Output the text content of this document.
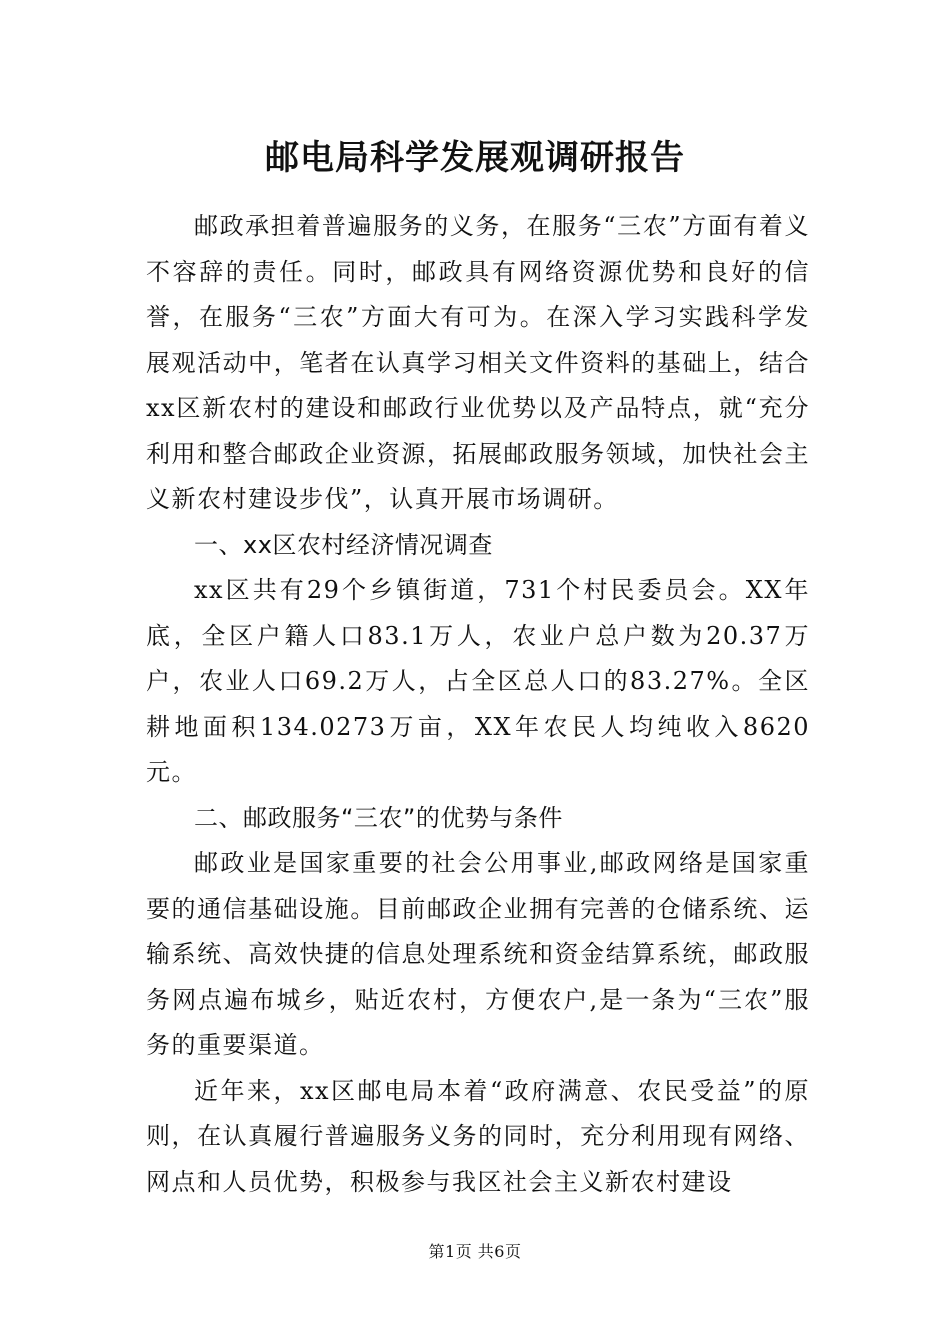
邮电局科学发展观调研报告

邮政承担着普遍服务的义务，在服务“三农”方面有着义不容辞的责任。同时，邮政具有网络资源优势和良好的信誉，在服务“三农”方面大有可为。在深入学习实践科学发展观活动中，笔者在认真学习相关文件资料的基础上，结合xx区新农村的建设和邮政行业优势以及产品特点，就“充分利用和整合邮政企业资源，拓展邮政服务领域，加快社会主义新农村建设步伐”，认真开展市场调研。

一、xx区农村经济情况调查

xx区共有29个乡镇街道，731个村民委员会。XX年底，全区户籍人口83.1万人，农业户总户数为20.37万户，农业人口69.2万人，占全区总人口的83.27%。全区耕地面积134.0273万亩，XX年农民人均纯收入8620元。

二、邮政服务“三农”的优势与条件

邮政业是国家重要的社会公用事业,邮政网络是国家重要的通信基础设施。目前邮政企业拥有完善的仓储系统、运输系统、高效快捷的信息处理系统和资金结算系统，邮政服务网点遍布城乡，贴近农村，方便农户,是一条为“三农”服务的重要渠道。

近年来，xx区邮电局本着“政府满意、农民受益”的原则，在认真履行普遍服务义务的同时，充分利用现有网络、网点和人员优势，积极参与我区社会主义新农村建设

第1页 共6页
